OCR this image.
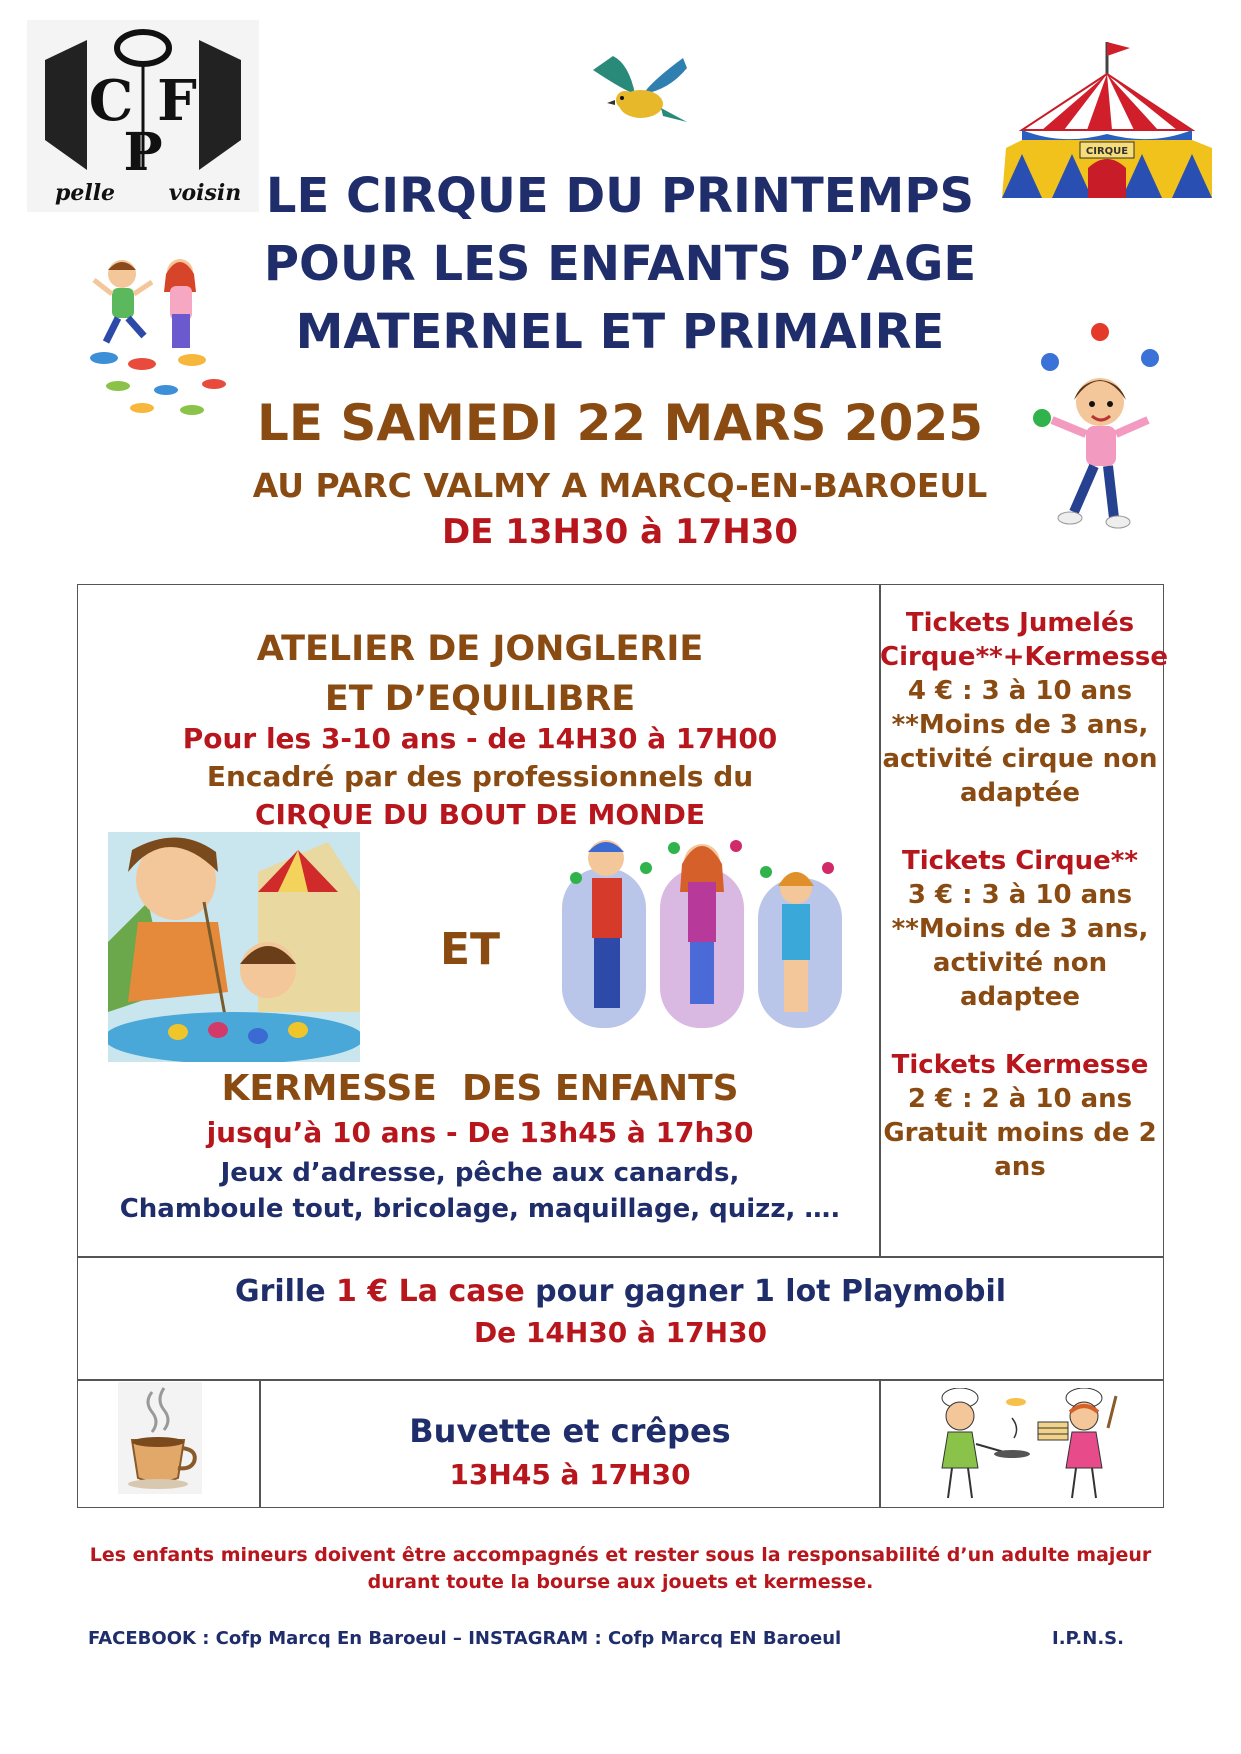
C F
P
pelle voisin
CIRQUE
LE CIRQUE DU PRINTEMPS
POUR LES ENFANTS D’AGE
MATERNEL ET PRIMAIRE
LE SAMEDI 22 MARS 2025
AU PARC VALMY A MARCQ-EN-BAROEUL
DE 13H30 à 17H30
ATELIER DE JONGLERIE
ET D’EQUILIBRE
Pour les 3-10 ans - de 14H30 à 17H00
Encadré par des professionnels du
CIRQUE DU BOUT DE MONDE
ET
KERMESSE  DES ENFANTS
jusqu’à 10 ans - De 13h45 à 17h30
Jeux d’adresse, pêche aux canards,
Chamboule tout, bricolage, maquillage, quizz, ….

Tickets Jumelés

Cirque**+Kermesse

4 € : 3 à 10 ans

**Moins de 3 ans,

activité cirque non

adaptée

Tickets Cirque**

3 € : 3 à 10 ans

**Moins de 3 ans,

activité non

adaptee

Tickets Kermesse

2 € : 2 à 10 ans

Gratuit moins de 2

ans

Grille 1 € La case pour gagner 1 lot Playmobil
De 14H30 à 17H30
Buvette et crêpes
13H45 à 17H30
Les enfants mineurs doivent être accompagnés et rester sous la responsabilité d’un adulte majeur
durant toute la bourse aux jouets et kermesse.
FACEBOOK : Cofp Marcq En Baroeul – INSTAGRAM : Cofp Marcq EN Baroeul	I.P.N.S.
